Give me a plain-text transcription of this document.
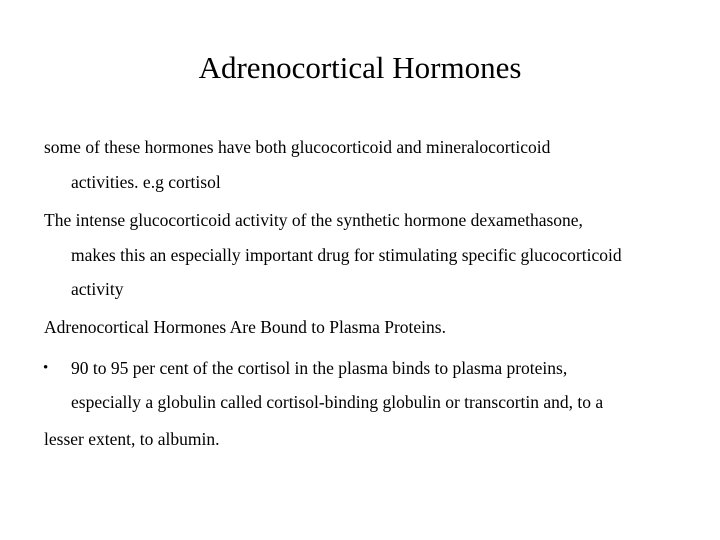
Adrenocortical Hormones
some of these hormones have both glucocorticoid and mineralocorticoid
activities. e.g cortisol
The intense glucocorticoid activity of the synthetic hormone dexamethasone,
makes this an especially important drug for stimulating specific glucocorticoid
activity
Adrenocortical Hormones Are Bound to Plasma Proteins.
• 90 to 95 per cent of the cortisol in the plasma binds to plasma proteins,
especially a globulin called cortisol-binding globulin or transcortin and, to a
lesser extent, to albumin.
